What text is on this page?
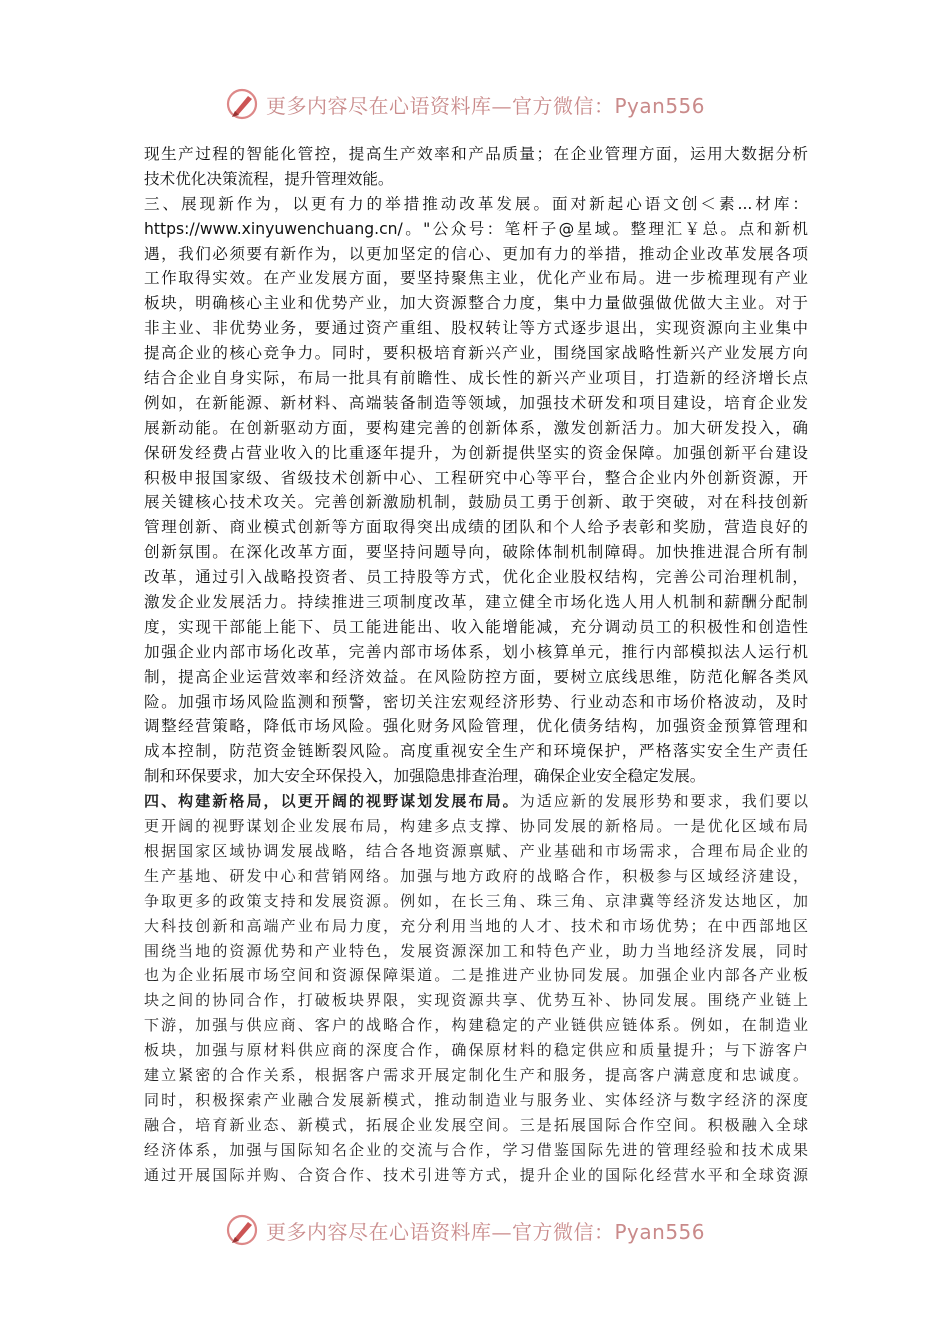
更多内容尽在心语资料库—官方微信：Pyan556
现生产过程的智能化管控，提高生产效率和产品质量；在企业管理方面，运用大数据分析
技术优化决策流程，提升管理效能。
三、展现新作为，以更有力的举措推动改革发展。面对新起心语文创＜素...材库：
https://www.xinyuwenchuang.cn/。"公众号：笔杆子@星域。整理汇￥总。点和新机
遇，我们必须要有新作为，以更加坚定的信心、更加有力的举措，推动企业改革发展各项
工作取得实效。在产业发展方面，要坚持聚焦主业，优化产业布局。进一步梳理现有产业
板块，明确核心主业和优势产业，加大资源整合力度，集中力量做强做优做大主业。对于
非主业、非优势业务，要通过资产重组、股权转让等方式逐步退出，实现资源向主业集中
提高企业的核心竞争力。同时，要积极培育新兴产业，围绕国家战略性新兴产业发展方向
结合企业自身实际，布局一批具有前瞻性、成长性的新兴产业项目，打造新的经济增长点
例如，在新能源、新材料、高端装备制造等领域，加强技术研发和项目建设，培育企业发
展新动能。在创新驱动方面，要构建完善的创新体系，激发创新活力。加大研发投入，确
保研发经费占营业收入的比重逐年提升，为创新提供坚实的资金保障。加强创新平台建设
积极申报国家级、省级技术创新中心、工程研究中心等平台，整合企业内外创新资源，开
展关键核心技术攻关。完善创新激励机制，鼓励员工勇于创新、敢于突破，对在科技创新
管理创新、商业模式创新等方面取得突出成绩的团队和个人给予表彰和奖励，营造良好的
创新氛围。在深化改革方面，要坚持问题导向，破除体制机制障碍。加快推进混合所有制
改革，通过引入战略投资者、员工持股等方式，优化企业股权结构，完善公司治理机制，
激发企业发展活力。持续推进三项制度改革，建立健全市场化选人用人机制和薪酬分配制
度，实现干部能上能下、员工能进能出、收入能增能减，充分调动员工的积极性和创造性
加强企业内部市场化改革，完善内部市场体系，划小核算单元，推行内部模拟法人运行机
制，提高企业运营效率和经济效益。在风险防控方面，要树立底线思维，防范化解各类风
险。加强市场风险监测和预警，密切关注宏观经济形势、行业动态和市场价格波动，及时
调整经营策略，降低市场风险。强化财务风险管理，优化债务结构，加强资金预算管理和
成本控制，防范资金链断裂风险。高度重视安全生产和环境保护，严格落实安全生产责任
制和环保要求，加大安全环保投入，加强隐患排查治理，确保企业安全稳定发展。
四、构建新格局，以更开阔的视野谋划发展布局。为适应新的发展形势和要求，我们要以
更开阔的视野谋划企业发展布局，构建多点支撑、协同发展的新格局。一是优化区域布局
根据国家区域协调发展战略，结合各地资源禀赋、产业基础和市场需求，合理布局企业的
生产基地、研发中心和营销网络。加强与地方政府的战略合作，积极参与区域经济建设，
争取更多的政策支持和发展资源。例如，在长三角、珠三角、京津冀等经济发达地区，加
大科技创新和高端产业布局力度，充分利用当地的人才、技术和市场优势；在中西部地区
围绕当地的资源优势和产业特色，发展资源深加工和特色产业，助力当地经济发展，同时
也为企业拓展市场空间和资源保障渠道。二是推进产业协同发展。加强企业内部各产业板
块之间的协同合作，打破板块界限，实现资源共享、优势互补、协同发展。围绕产业链上
下游，加强与供应商、客户的战略合作，构建稳定的产业链供应链体系。例如，在制造业
板块，加强与原材料供应商的深度合作，确保原材料的稳定供应和质量提升；与下游客户
建立紧密的合作关系，根据客户需求开展定制化生产和服务，提高客户满意度和忠诚度。
同时，积极探索产业融合发展新模式，推动制造业与服务业、实体经济与数字经济的深度
融合，培育新业态、新模式，拓展企业发展空间。三是拓展国际合作空间。积极融入全球
经济体系，加强与国际知名企业的交流与合作，学习借鉴国际先进的管理经验和技术成果
通过开展国际并购、合资合作、技术引进等方式，提升企业的国际化经营水平和全球资源
更多内容尽在心语资料库—官方微信：Pyan556
